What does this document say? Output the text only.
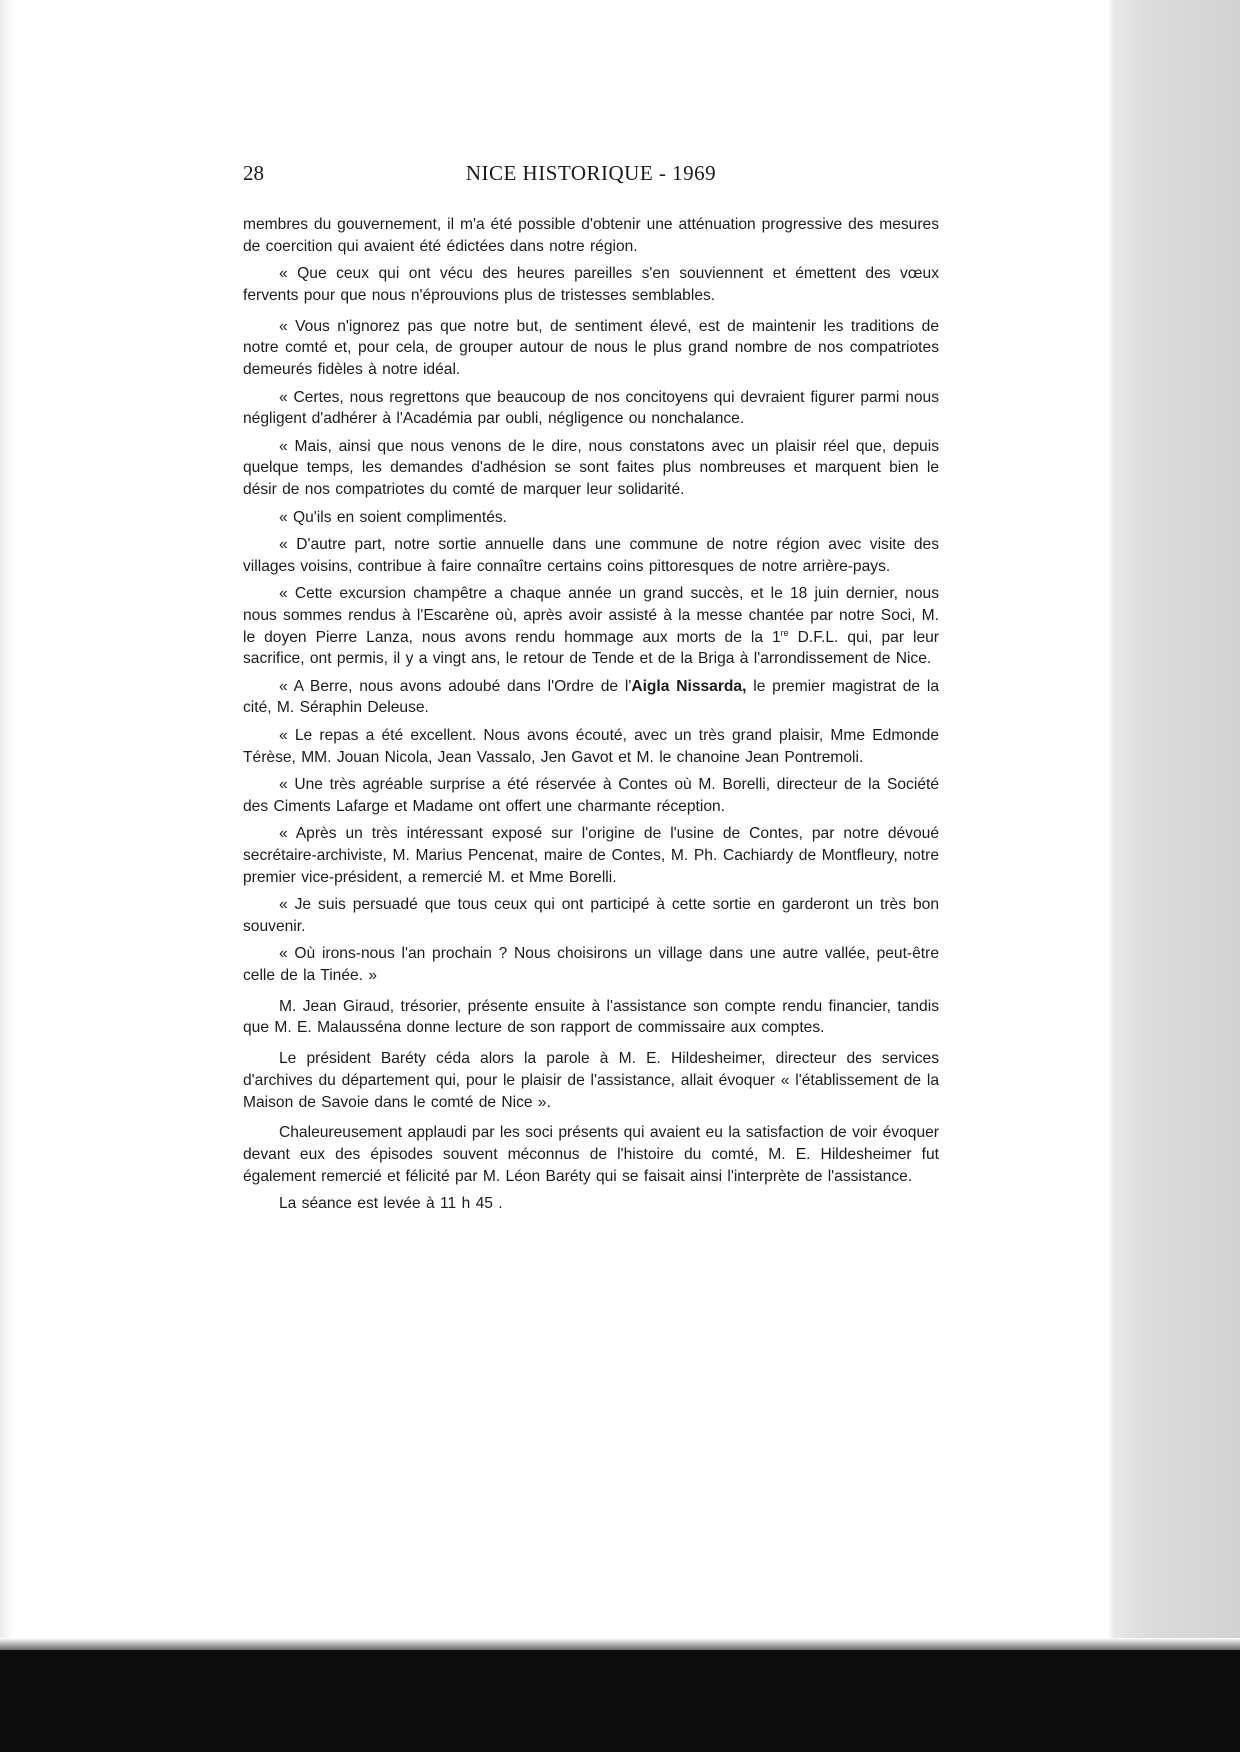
28	NICE HISTORIQUE - 1969

membres du gouvernement, il m'a été possible d'obtenir une atténuation progressive des mesures de coercition qui avaient été édictées dans notre région.

« Que ceux qui ont vécu des heures pareilles s'en souviennent et émettent des vœux fervents pour que nous n'éprouvions plus de tristesses semblables.

« Vous n'ignorez pas que notre but, de sentiment élevé, est de maintenir les traditions de notre comté et, pour cela, de grouper autour de nous le plus grand nombre de nos compatriotes demeurés fidèles à notre idéal.

« Certes, nous regrettons que beaucoup de nos concitoyens qui devraient figurer parmi nous négligent d'adhérer à l'Académia par oubli, négligence ou nonchalance.

« Mais, ainsi que nous venons de le dire, nous constatons avec un plaisir réel que, depuis quelque temps, les demandes d'adhésion se sont faites plus nombreuses et marquent bien le désir de nos compatriotes du comté de marquer leur solidarité.

« Qu'ils en soient complimentés.

« D'autre part, notre sortie annuelle dans une commune de notre région avec visite des villages voisins, contribue à faire connaître certains coins pittoresques de notre arrière-pays.

« Cette excursion champêtre a chaque année un grand succès, et le 18 juin dernier, nous nous sommes rendus à l'Escarène où, après avoir assisté à la messe chantée par notre Soci, M. le doyen Pierre Lanza, nous avons rendu hommage aux morts de la 1re D.F.L. qui, par leur sacrifice, ont permis, il y a vingt ans, le retour de Tende et de la Briga à l'arrondissement de Nice.

« A Berre, nous avons adoubé dans l'Ordre de l'Aigla Nissarda, le premier magistrat de la cité, M. Séraphin Deleuse.

« Le repas a été excellent. Nous avons écouté, avec un très grand plaisir, Mme Edmonde Térèse, MM. Jouan Nicola, Jean Vassalo, Jen Gavot et M. le chanoine Jean Pontremoli.

« Une très agréable surprise a été réservée à Contes où M. Borelli, directeur de la Société des Ciments Lafarge et Madame ont offert une charmante réception.

« Après un très intéressant exposé sur l'origine de l'usine de Contes, par notre dévoué secrétaire-archiviste, M. Marius Pencenat, maire de Contes, M. Ph. Cachiardy de Montfleury, notre premier vice-président, a remercié M. et Mme Borelli.

« Je suis persuadé que tous ceux qui ont participé à cette sortie en garderont un très bon souvenir.

« Où irons-nous l'an prochain ? Nous choisirons un village dans une autre vallée, peut-être celle de la Tinée. »

M. Jean Giraud, trésorier, présente ensuite à l'assistance son compte rendu financier, tandis que M. E. Malausséna donne lecture de son rapport de commissaire aux comptes.

Le président Baréty céda alors la parole à M. E. Hildesheimer, directeur des services d'archives du département qui, pour le plaisir de l'assistance, allait évoquer « l'établissement de la Maison de Savoie dans le comté de Nice ».

Chaleureusement applaudi par les soci présents qui avaient eu la satisfaction de voir évoquer devant eux des épisodes souvent méconnus de l'histoire du comté, M. E. Hildesheimer fut également remercié et félicité par M. Léon Baréty qui se faisait ainsi l'interprète de l'assistance.

La séance est levée à 11 h 45 .
